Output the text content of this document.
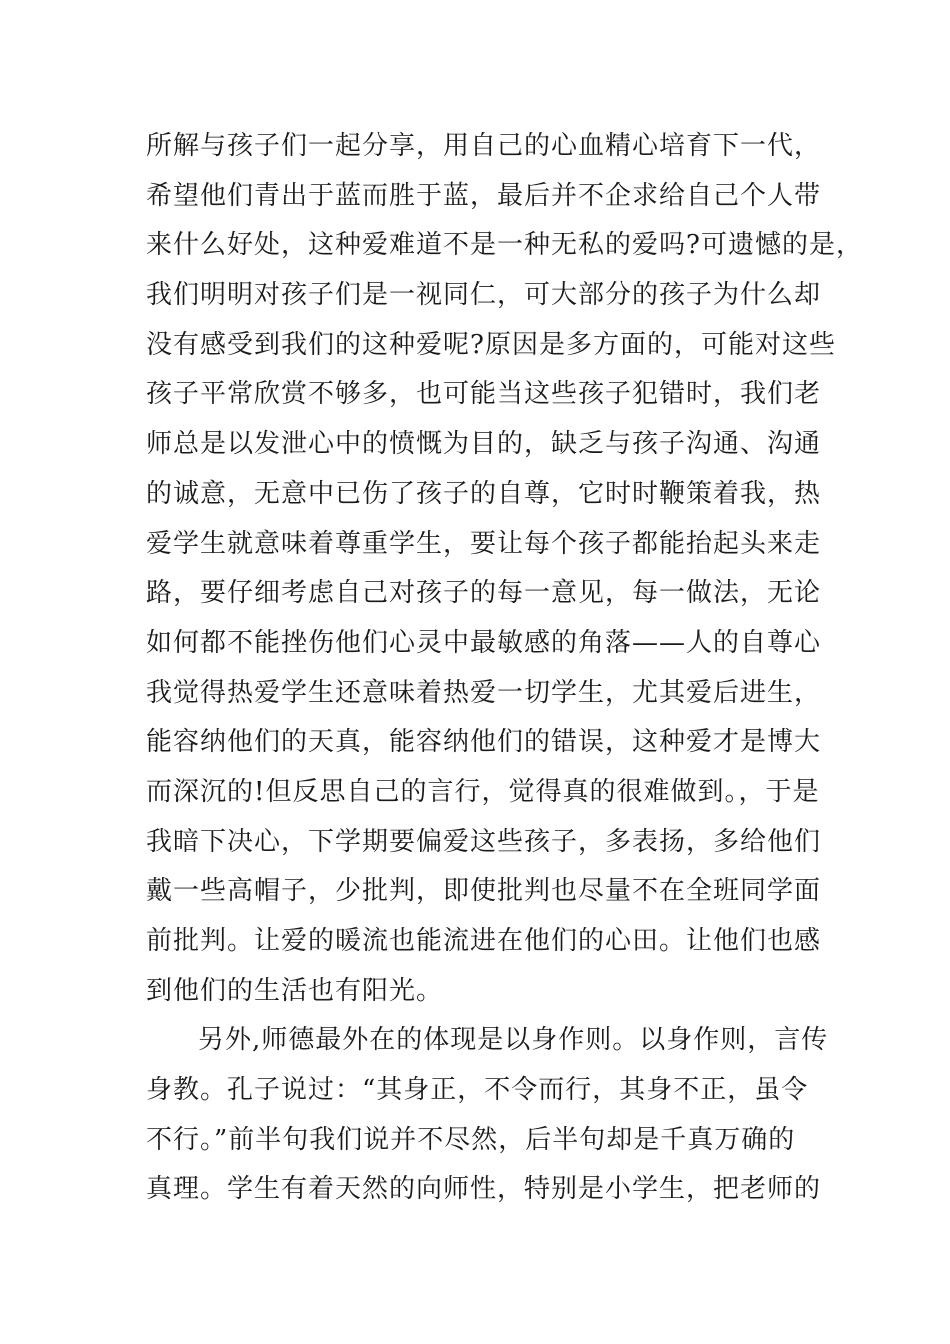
所解与孩子们一起分享，用自己的心血精心培育下一代，
希望他们青出于蓝而胜于蓝，最后并不企求给自己个人带
来什么好处，这种爱难道不是一种无私的爱吗?可遗憾的是，
我们明明对孩子们是一视同仁，可大部分的孩子为什么却
没有感受到我们的这种爱呢?原因是多方面的，可能对这些
孩子平常欣赏不够多，也可能当这些孩子犯错时，我们老
师总是以发泄心中的愤慨为目的，缺乏与孩子沟通、沟通
的诚意，无意中已伤了孩子的自尊，它时时鞭策着我，热
爱学生就意味着尊重学生，要让每个孩子都能抬起头来走
路，要仔细考虑自己对孩子的每一意见，每一做法，无论
如何都不能挫伤他们心灵中最敏感的角落——人的自尊心
我觉得热爱学生还意味着热爱一切学生，尤其爱后进生，
能容纳他们的天真，能容纳他们的错误，这种爱才是博大
而深沉的!但反思自己的言行，觉得真的很难做到。，于是
我暗下决心，下学期要偏爱这些孩子，多表扬，多给他们
戴一些高帽子，少批判，即使批判也尽量不在全班同学面
前批判。让爱的暖流也能流进在他们的心田。让他们也感
到他们的生活也有阳光。
另外,师德最外在的体现是以身作则。以身作则，言传
身教。孔子说过：“其身正，不令而行，其身不正，虽令
不行。”前半句我们说并不尽然，后半句却是千真万确的
真理。学生有着天然的向师性，特别是小学生，把老师的
